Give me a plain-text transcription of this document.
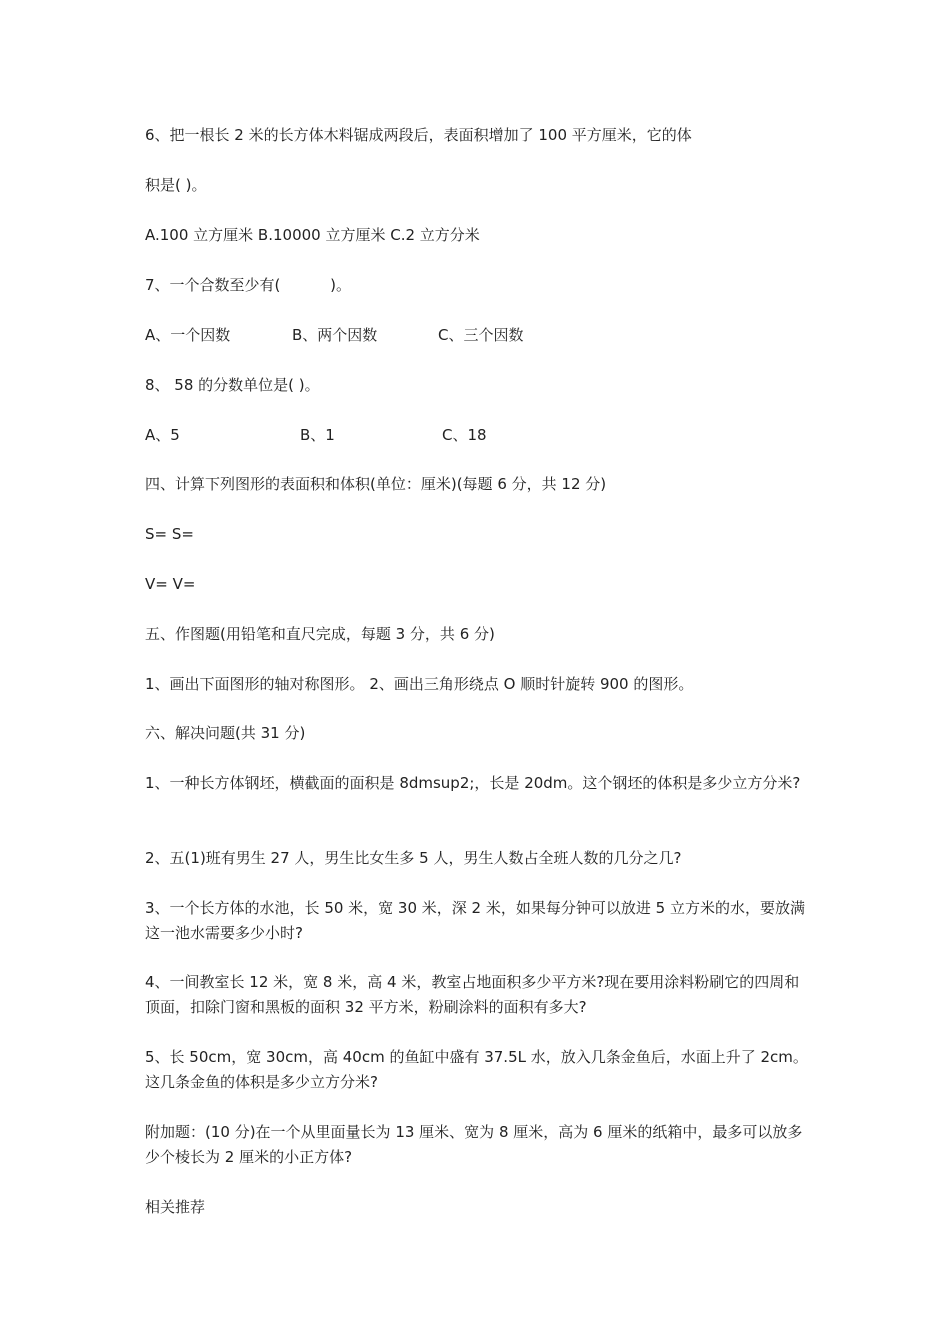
6、把一根长 2 米的长方体木料锯成两段后，表面积增加了 100 平方厘米，它的体
积是( )。
A.100 立方厘米 B.10000 立方厘米 C.2 立方分米
7、一个合数至少有(　　　 )。
A、一个因数	B、两个因数	C、三个因数
8、 58 的分数单位是( )。
A、5	B、1	C、18
四、计算下列图形的表面积和体积(单位：厘米)(每题 6 分，共 12 分)
S= S=
V= V=
五、作图题(用铅笔和直尺完成，每题 3 分，共 6 分)
1、画出下面图形的轴对称图形。 2、画出三角形绕点 O 顺时针旋转 900 的图形。
六、解决问题(共 31 分)
1、一种长方体钢坯，横截面的面积是 8dmsup2;，长是 20dm。这个钢坯的体积是多少立方分米?
2、五(1)班有男生 27 人，男生比女生多 5 人，男生人数占全班人数的几分之几?
3、一个长方体的水池，长 50 米，宽 30 米，深 2 米，如果每分钟可以放进 5 立方米的水，要放满这一池水需要多少小时?
4、一间教室长 12 米，宽 8 米，高 4 米，教室占地面积多少平方米?现在要用涂料粉刷它的四周和顶面，扣除门窗和黑板的面积 32 平方米，粉刷涂料的面积有多大?
5、长 50cm，宽 30cm，高 40cm 的鱼缸中盛有 37.5L 水，放入几条金鱼后，水面上升了 2cm。这几条金鱼的体积是多少立方分米?
附加题：(10 分)在一个从里面量长为 13 厘米、宽为 8 厘米，高为 6 厘米的纸箱中，最多可以放多少个棱长为 2 厘米的小正方体?
相关推荐
